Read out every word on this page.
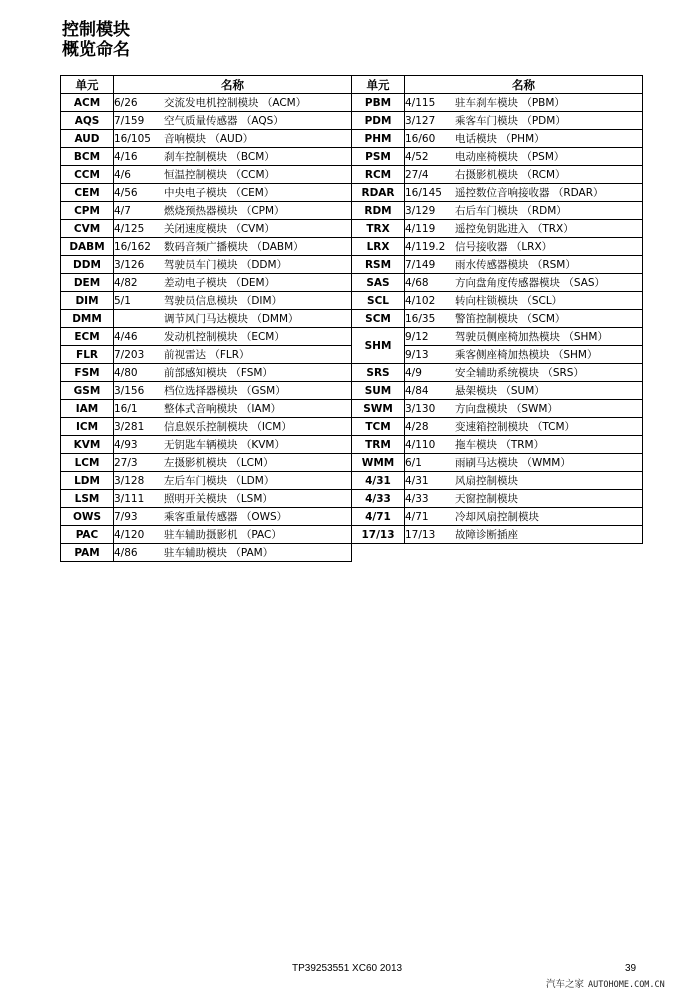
控制模块
概览命名
单元	名称	单元	名称
ACM	6/26 交流发电机控制模块 （ACM）	PBM	4/115 驻车刹车模块 （PBM）
AQS	7/159 空气质量传感器 （AQS）	PDM	3/127 乘客车门模块 （PDM）
AUD	16/105 音响模块 （AUD）	PHM	16/60 电话模块 （PHM）
BCM	4/16 刹车控制模块 （BCM）	PSM	4/52 电动座椅模块 （PSM）
CCM	4/6 恒温控制模块 （CCM）	RCM	27/4 右摄影机模块 （RCM）
CEM	4/56 中央电子模块 （CEM）	RDAR	16/145 遥控数位音响接收器 （RDAR）
CPM	4/7 燃烧预热器模块 （CPM）	RDM	3/129 右后车门模块 （RDM）
CVM	4/125 关闭速度模块 （CVM）	TRX	4/119 遥控免钥匙进入 （TRX）
DABM	16/162 数码音频广播模块 （DABM）	LRX	4/119.2 信号接收器 （LRX）
DDM	3/126 驾驶员车门模块 （DDM）	RSM	7/149 雨水传感器模块 （RSM）
DEM	4/82 差动电子模块 （DEM）	SAS	4/68 方向盘角度传感器模块 （SAS）
DIM	5/1 驾驶员信息模块 （DIM）	SCL	4/102 转向柱锁模块 （SCL）
DMM	调节风门马达模块 （DMM）	SCM	16/35 警笛控制模块 （SCM）
ECM	4/46 发动机控制模块 （ECM）	SHM	9/12 驾驶员侧座椅加热模块 （SHM）
FLR	7/203 前视雷达 （FLR）		9/13 乘客侧座椅加热模块 （SHM）
FSM	4/80 前部感知模块 （FSM）	SRS	4/9 安全辅助系统模块 （SRS）
GSM	3/156 档位选择器模块 （GSM）	SUM	4/84 悬架模块 （SUM）
IAM	16/1 整体式音响模块 （IAM）	SWM	3/130 方向盘模块 （SWM）
ICM	3/281 信息娱乐控制模块 （ICM）	TCM	4/28 变速箱控制模块 （TCM）
KVM	4/93 无钥匙车辆模块 （KVM）	TRM	4/110 拖车模块 （TRM）
LCM	27/3 左摄影机模块 （LCM）	WMM	6/1 雨刷马达模块 （WMM）
LDM	3/128 左后车门模块 （LDM）	4/31	4/31 风扇控制模块
LSM	3/111 照明开关模块 （LSM）	4/33	4/33 天窗控制模块
OWS	7/93 乘客重量传感器 （OWS）	4/71	4/71 冷却风扇控制模块
PAC	4/120 驻车辅助摄影机 （PAC）	17/13	17/13 故障诊断插座
PAM	4/86 驻车辅助模块 （PAM）		
TP39253551 XC60 2013	39
汽车之家 AUTOHOME.COM.CN
